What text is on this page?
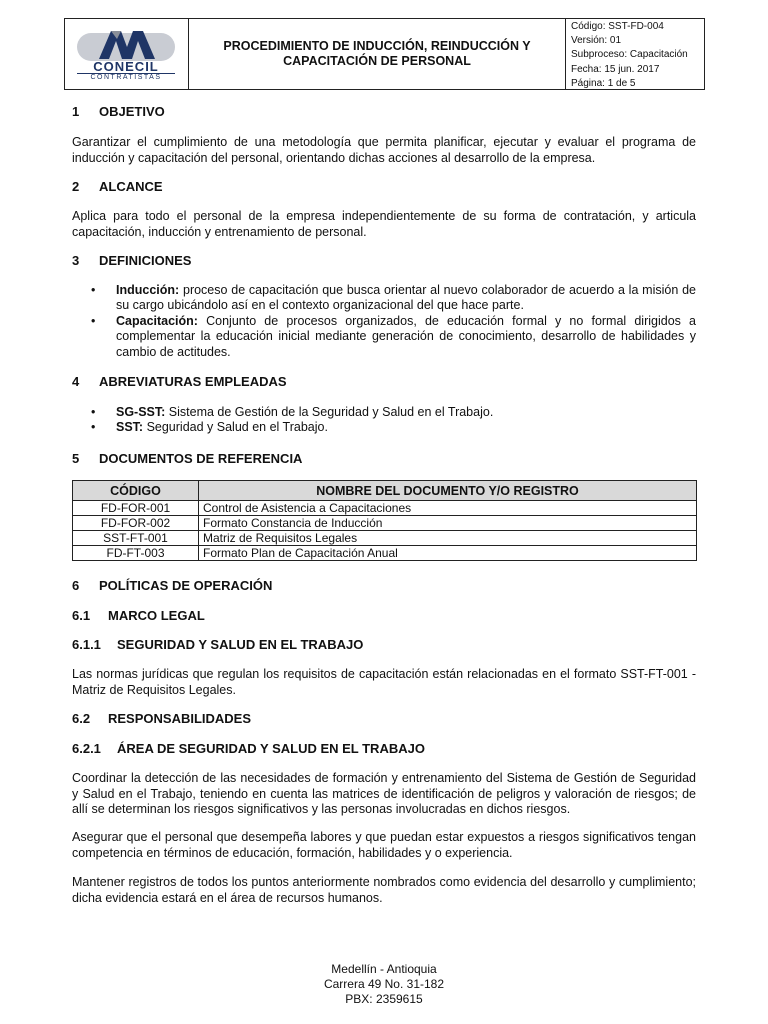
CONECIL
CONTRATISTAS
PROCEDIMIENTO DE INDUCCIÓN, REINDUCCIÓN Y CAPACITACIÓN DE PERSONAL
Código: SST-FD-004
Versión: 01
Subproceso: Capacitación
Fecha: 15 jun. 2017
Página: 1 de 5
1 OBJETIVO
Garantizar el cumplimiento de una metodología que permita planificar, ejecutar y evaluar el programa de inducción y capacitación del personal, orientando dichas acciones al desarrollo de la empresa.
2 ALCANCE
Aplica para todo el personal de la empresa independientemente de su forma de contratación, y articula capacitación, inducción y entrenamiento de personal.
3 DEFINICIONES
• Inducción: proceso de capacitación que busca orientar al nuevo colaborador de acuerdo a la misión de su cargo ubicándolo así en el contexto organizacional del que hace parte.
• Capacitación: Conjunto de procesos organizados, de educación formal y no formal dirigidos a complementar la educación inicial mediante generación de conocimiento, desarrollo de habilidades y cambio de actitudes.
4 ABREVIATURAS EMPLEADAS
• SG-SST: Sistema de Gestión de la Seguridad y Salud en el Trabajo.
• SST: Seguridad y Salud en el Trabajo.
5 DOCUMENTOS DE REFERENCIA
CÓDIGO	NOMBRE DEL DOCUMENTO Y/O REGISTRO
FD-FOR-001	Control de Asistencia a Capacitaciones
FD-FOR-002	Formato Constancia de Inducción
SST-FT-001	Matriz de Requisitos Legales
FD-FT-003	Formato Plan de Capacitación Anual
6 POLÍTICAS DE OPERACIÓN
6.1 MARCO LEGAL
6.1.1 SEGURIDAD Y SALUD EN EL TRABAJO
Las normas jurídicas que regulan los requisitos de capacitación están relacionadas en el formato SST-FT-001 - Matriz de Requisitos Legales.
6.2 RESPONSABILIDADES
6.2.1 ÁREA DE SEGURIDAD Y SALUD EN EL TRABAJO
Coordinar la detección de las necesidades de formación y entrenamiento del Sistema de Gestión de Seguridad y Salud en el Trabajo, teniendo en cuenta las matrices de identificación de peligros y valoración de riesgos; de allí se determinan los riesgos significativos y las personas involucradas en dichos riesgos.
Asegurar que el personal que desempeña labores y que puedan estar expuestos a riesgos significativos tengan competencia en términos de educación, formación, habilidades y o experiencia.
Mantener registros de todos los puntos anteriormente nombrados como evidencia del desarrollo y cumplimiento; dicha evidencia estará en el área de recursos humanos.
Medellín - Antioquia
Carrera 49 No. 31-182
PBX: 2359615
